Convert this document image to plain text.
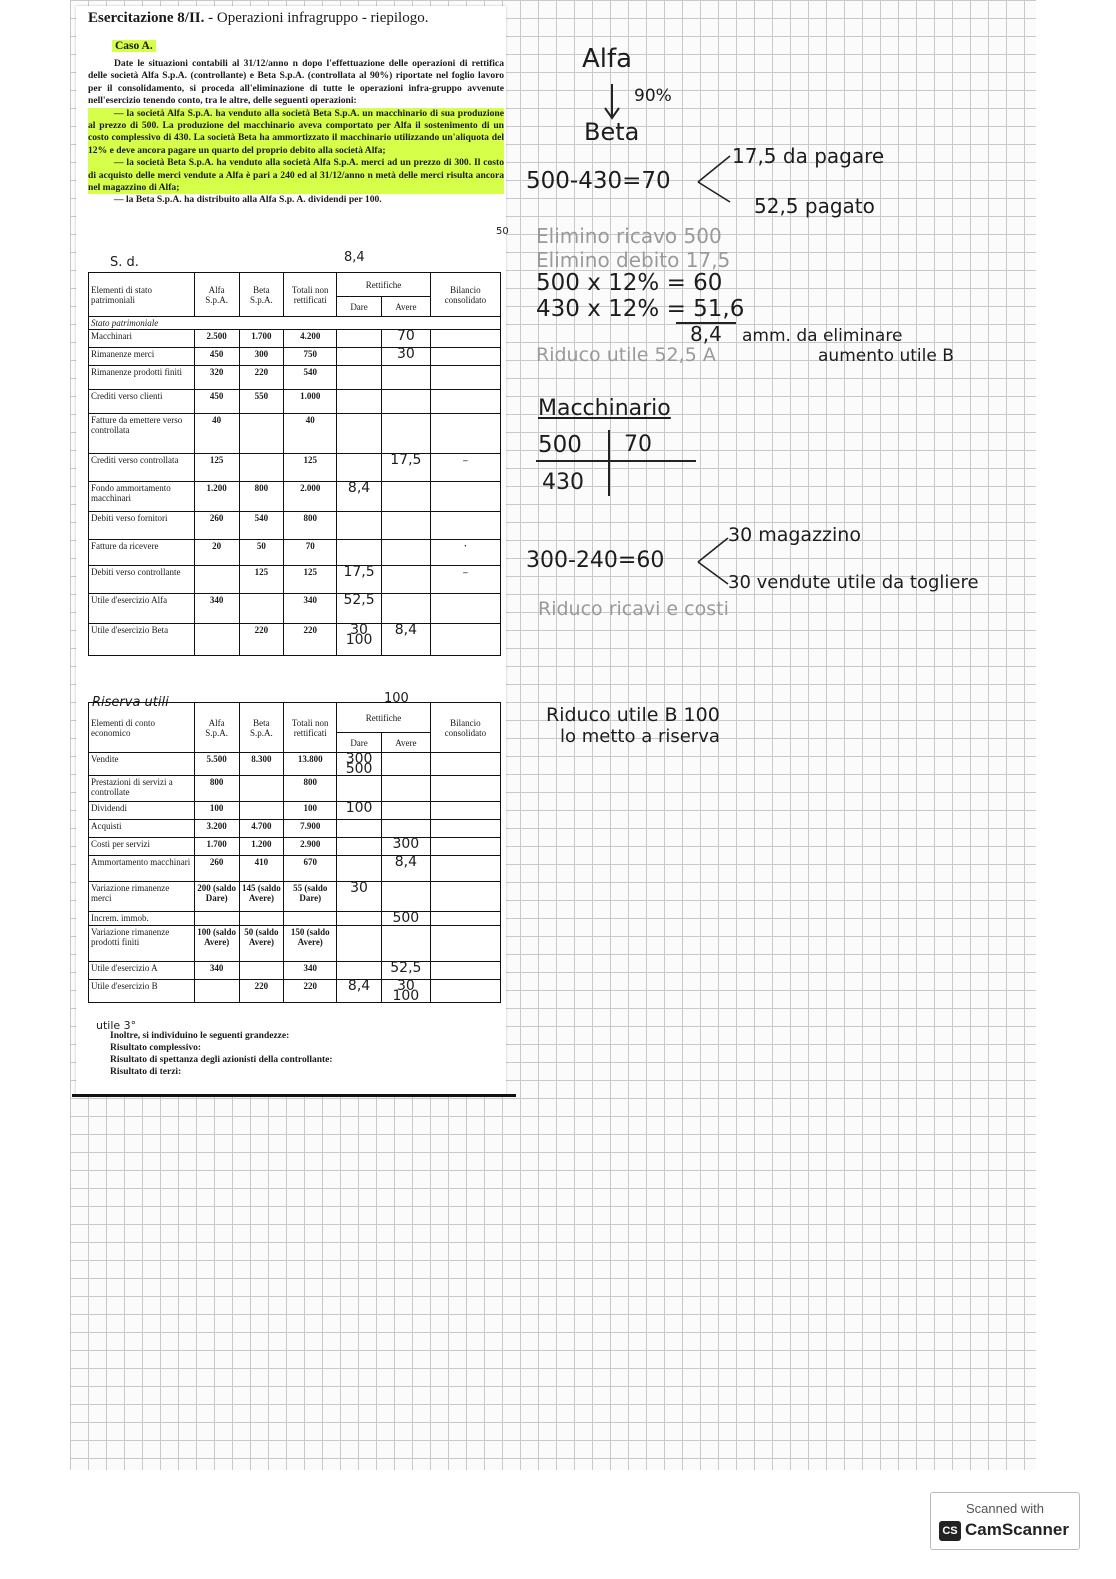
Esercitazione 8/II. - Operazioni infragruppo - riepilogo.
Caso A.

Date le situazioni contabili al 31/12/anno n dopo l'effettuazione delle operazioni di rettifica delle società Alfa S.p.A. (controllante) e Beta S.p.A. (controllata al 90%) riportate nel foglio lavoro per il consolidamento, si proceda all'eliminazione di tutte le operazioni infra-gruppo avvenute nell'esercizio tenendo conto, tra le altre, delle seguenti operazioni:

— la società Alfa S.p.A. ha venduto alla società Beta S.p.A. un macchinario di sua produzione al prezzo di 500. La produzione del macchinario aveva comportato per Alfa il sostenimento di un costo complessivo di 430. La società Beta ha ammortizzato il macchinario utilizzando un'aliquota del 12% e deve ancora pagare un quarto del proprio debito alla società Alfa;

— la società Beta S.p.A. ha venduto alla società Alfa S.p.A. merci ad un prezzo di 300. Il costo di acquisto delle merci vendute a Alfa è pari a 240 ed al 31/12/anno n metà delle merci risulta ancora nel magazzino di Alfa;

— la Beta S.p.A. ha distribuito alla Alfa S.p. A. dividendi per 100.

50
S. d.	8,4
Elementi di stato patrimoniali	Alfa S.p.A.	Beta S.p.A.	Totali non rettificati	Rettifiche		Bilancio consolidato
				Dare	Avere	
Stato patrimoniale						
Macchinari	2.500	1.700	4.200		70	
Rimanenze merci	450	300	750		30	
Rimanenze prodotti finiti	320	220	540			
Crediti verso clienti	450	550	1.000			
Fatture da emettere verso controllata	40		40			
Crediti verso controllata	125		125		17,5	–
Fondo ammortamento macchinari	1.200	800	2.000	8,4		
Debiti verso fornitori	260	540	800			
Fatture da ricevere	20	50	70			·
Debiti verso controllante		125	125	17,5		–
Utile d'esercizio Alfa	340		340	52,5		
Utile d'esercizio Beta		220	220	30 100	8,4	
Riserva utili	100
Elementi di conto economico	Alfa S.p.A.	Beta S.p.A.	Totali non rettificati	Rettifiche		Bilancio consolidato
				Dare	Avere	
Vendite	5.500	8.300	13.800	300 500		
Prestazioni di servizi a controllate	800		800			
Dividendi	100		100	100		
Acquisti	3.200	4.700	7.900			
Costi per servizi	1.700	1.200	2.900		300	
Ammortamento macchinari	260	410	670		8,4	
Variazione rimanenze merci	200 (saldo Dare)	145 (saldo Avere)	55 (saldo Dare)	30		
Increm. immob.					500	
Variazione rimanenze prodotti finiti	100 (saldo Avere)	50 (saldo Avere)	150 (saldo Avere)			
Utile d'esercizio A	340		340		52,5	
Utile d'esercizio B		220	220	8,4	30 100	
utile 3°
Inoltre, si individuino le seguenti grandezze:
Risultato complessivo:
Risultato di spettanza degli azionisti della controllante:
Risultato di terzi:
Alfa
90%
Beta
500-430=70
17,5 da pagare
52,5 pagato
Elimino ricavo 500
Elimino debito 17,5
500 x 12% = 60
430 x 12% = 51,6
8,4 amm. da eliminare
Riduco utile 52,5 A	aumento utile B
Macchinario
500 70
430
300-240=60
30 magazzino
30 vendute utile da togliere
Riduco ricavi e costi
Riduco utile B 100
lo metto a riserva
Scanned with
CS CamScanner
